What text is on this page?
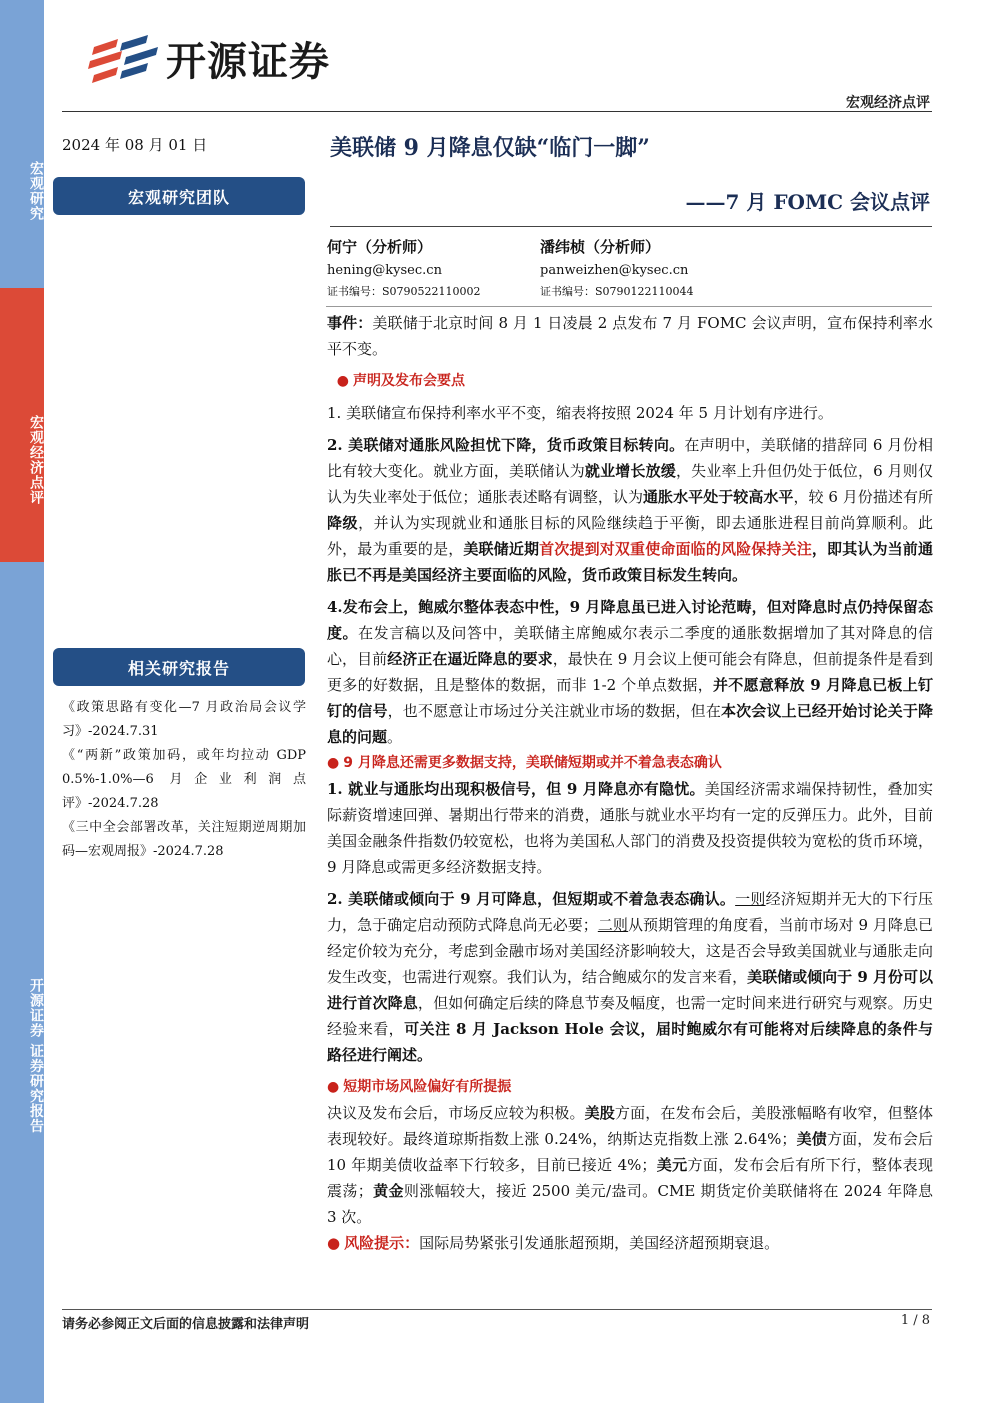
宏观研究
宏观经济点评
开源证券 证券研究报告
开源证券
宏观经济点评
2024 年 08 月 01 日
宏观研究团队
相关研究报告
《政策思路有变化—7 月政治局会议学习》-2024.7.31
《“两新”政策加码，或年均拉动 GDP 0.5%-1.0%—6 月企业利润点评》-2024.7.28
《三中全会部署改革，关注短期逆周期加码—宏观周报》-2024.7.28
美联储 9 月降息仅缺“临门一脚”
——7 月 FOMC 会议点评
何宁（分析师）
hening@kysec.cn
证书编号：S0790522110002
潘纬桢（分析师）
panweizhen@kysec.cn
证书编号：S0790122110044

事件：美联储于北京时间 8 月 1 日凌晨 2 点发布 7 月 FOMC 会议声明，宣布保持利率水平不变。

● 声明及发布会要点

1. 美联储宣布保持利率水平不变，缩表将按照 2024 年 5 月计划有序进行。

2. 美联储对通胀风险担忧下降，货币政策目标转向。在声明中，美联储的措辞同 6 月份相比有较大变化。就业方面，美联储认为就业增长放缓，失业率上升但仍处于低位，6 月则仅认为失业率处于低位；通胀表述略有调整，认为通胀水平处于较高水平，较 6 月份描述有所降级，并认为实现就业和通胀目标的风险继续趋于平衡，即去通胀进程目前尚算顺利。此外，最为重要的是，美联储近期首次提到对双重使命面临的风险保持关注，即其认为当前通胀已不再是美国经济主要面临的风险，货币政策目标发生转向。

4.发布会上，鲍威尔整体表态中性，9 月降息虽已进入讨论范畴，但对降息时点仍持保留态度。在发言稿以及问答中，美联储主席鲍威尔表示二季度的通胀数据增加了其对降息的信心，目前经济正在逼近降息的要求，最快在 9 月会议上便可能会有降息，但前提条件是看到更多的好数据，且是整体的数据，而非 1-2 个单点数据，并不愿意释放 9 月降息已板上钉钉的信号，也不愿意让市场过分关注就业市场的数据，但在本次会议上已经开始讨论关于降息的问题。

● 9 月降息还需更多数据支持，美联储短期或并不着急表态确认

1. 就业与通胀均出现积极信号，但 9 月降息亦有隐忧。美国经济需求端保持韧性，叠加实际薪资增速回弹、暑期出行带来的消费，通胀与就业水平均有一定的反弹压力。此外，目前美国金融条件指数仍较宽松，也将为美国私人部门的消费及投资提供较为宽松的货币环境，9 月降息或需更多经济数据支持。

2. 美联储或倾向于 9 月可降息，但短期或不着急表态确认。一则经济短期并无大的下行压力，急于确定启动预防式降息尚无必要；二则从预期管理的角度看，当前市场对 9 月降息已经定价较为充分，考虑到金融市场对美国经济影响较大，这是否会导致美国就业与通胀走向发生改变，也需进行观察。我们认为，结合鲍威尔的发言来看，美联储或倾向于 9 月份可以进行首次降息，但如何确定后续的降息节奏及幅度，也需一定时间来进行研究与观察。历史经验来看，可关注 8 月 Jackson Hole 会议，届时鲍威尔有可能将对后续降息的条件与路径进行阐述。

● 短期市场风险偏好有所提振

决议及发布会后，市场反应较为积极。美股方面，在发布会后，美股涨幅略有收窄，但整体表现较好。最终道琼斯指数上涨 0.24%，纳斯达克指数上涨 2.64%；美债方面，发布会后 10 年期美债收益率下行较多，目前已接近 4%；美元方面，发布会后有所下行，整体表现震荡；黄金则涨幅较大，接近 2500 美元/盎司。CME 期货定价美联储将在 2024 年降息 3 次。

● 风险提示：国际局势紧张引发通胀超预期，美国经济超预期衰退。

请务必参阅正文后面的信息披露和法律声明	1 / 8
